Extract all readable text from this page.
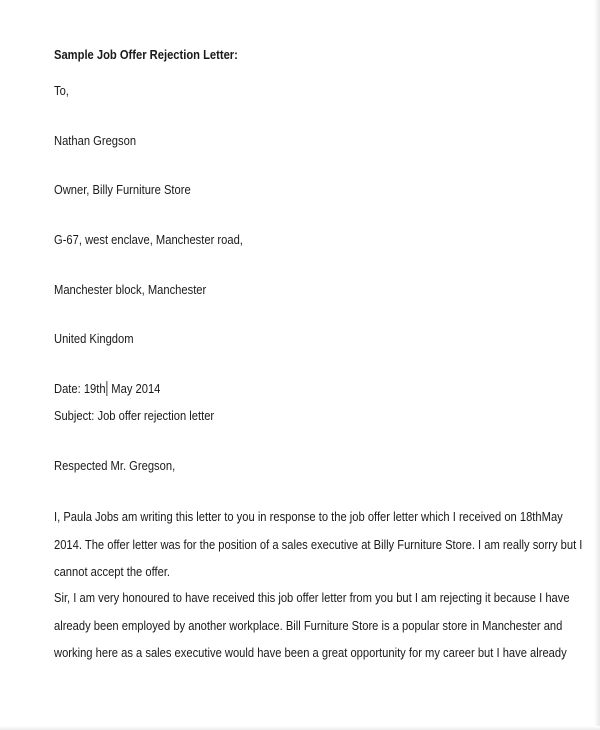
Sample Job Offer Rejection Letter:
To,
Nathan Gregson
Owner, Billy Furniture Store
G-67, west enclave, Manchester road,
Manchester block, Manchester
United Kingdom
Date: 19th May 2014
Subject: Job offer rejection letter
Respected Mr. Gregson,
I, Paula Jobs am writing this letter to you in response to the job offer letter which I received on 18thMay
2014. The offer letter was for the position of a sales executive at Billy Furniture Store. I am really sorry but I
cannot accept the offer.
Sir, I am very honoured to have received this job offer letter from you but I am rejecting it because I have
already been employed by another workplace. Bill Furniture Store is a popular store in Manchester and
working here as a sales executive would have been a great opportunity for my career but I have already
